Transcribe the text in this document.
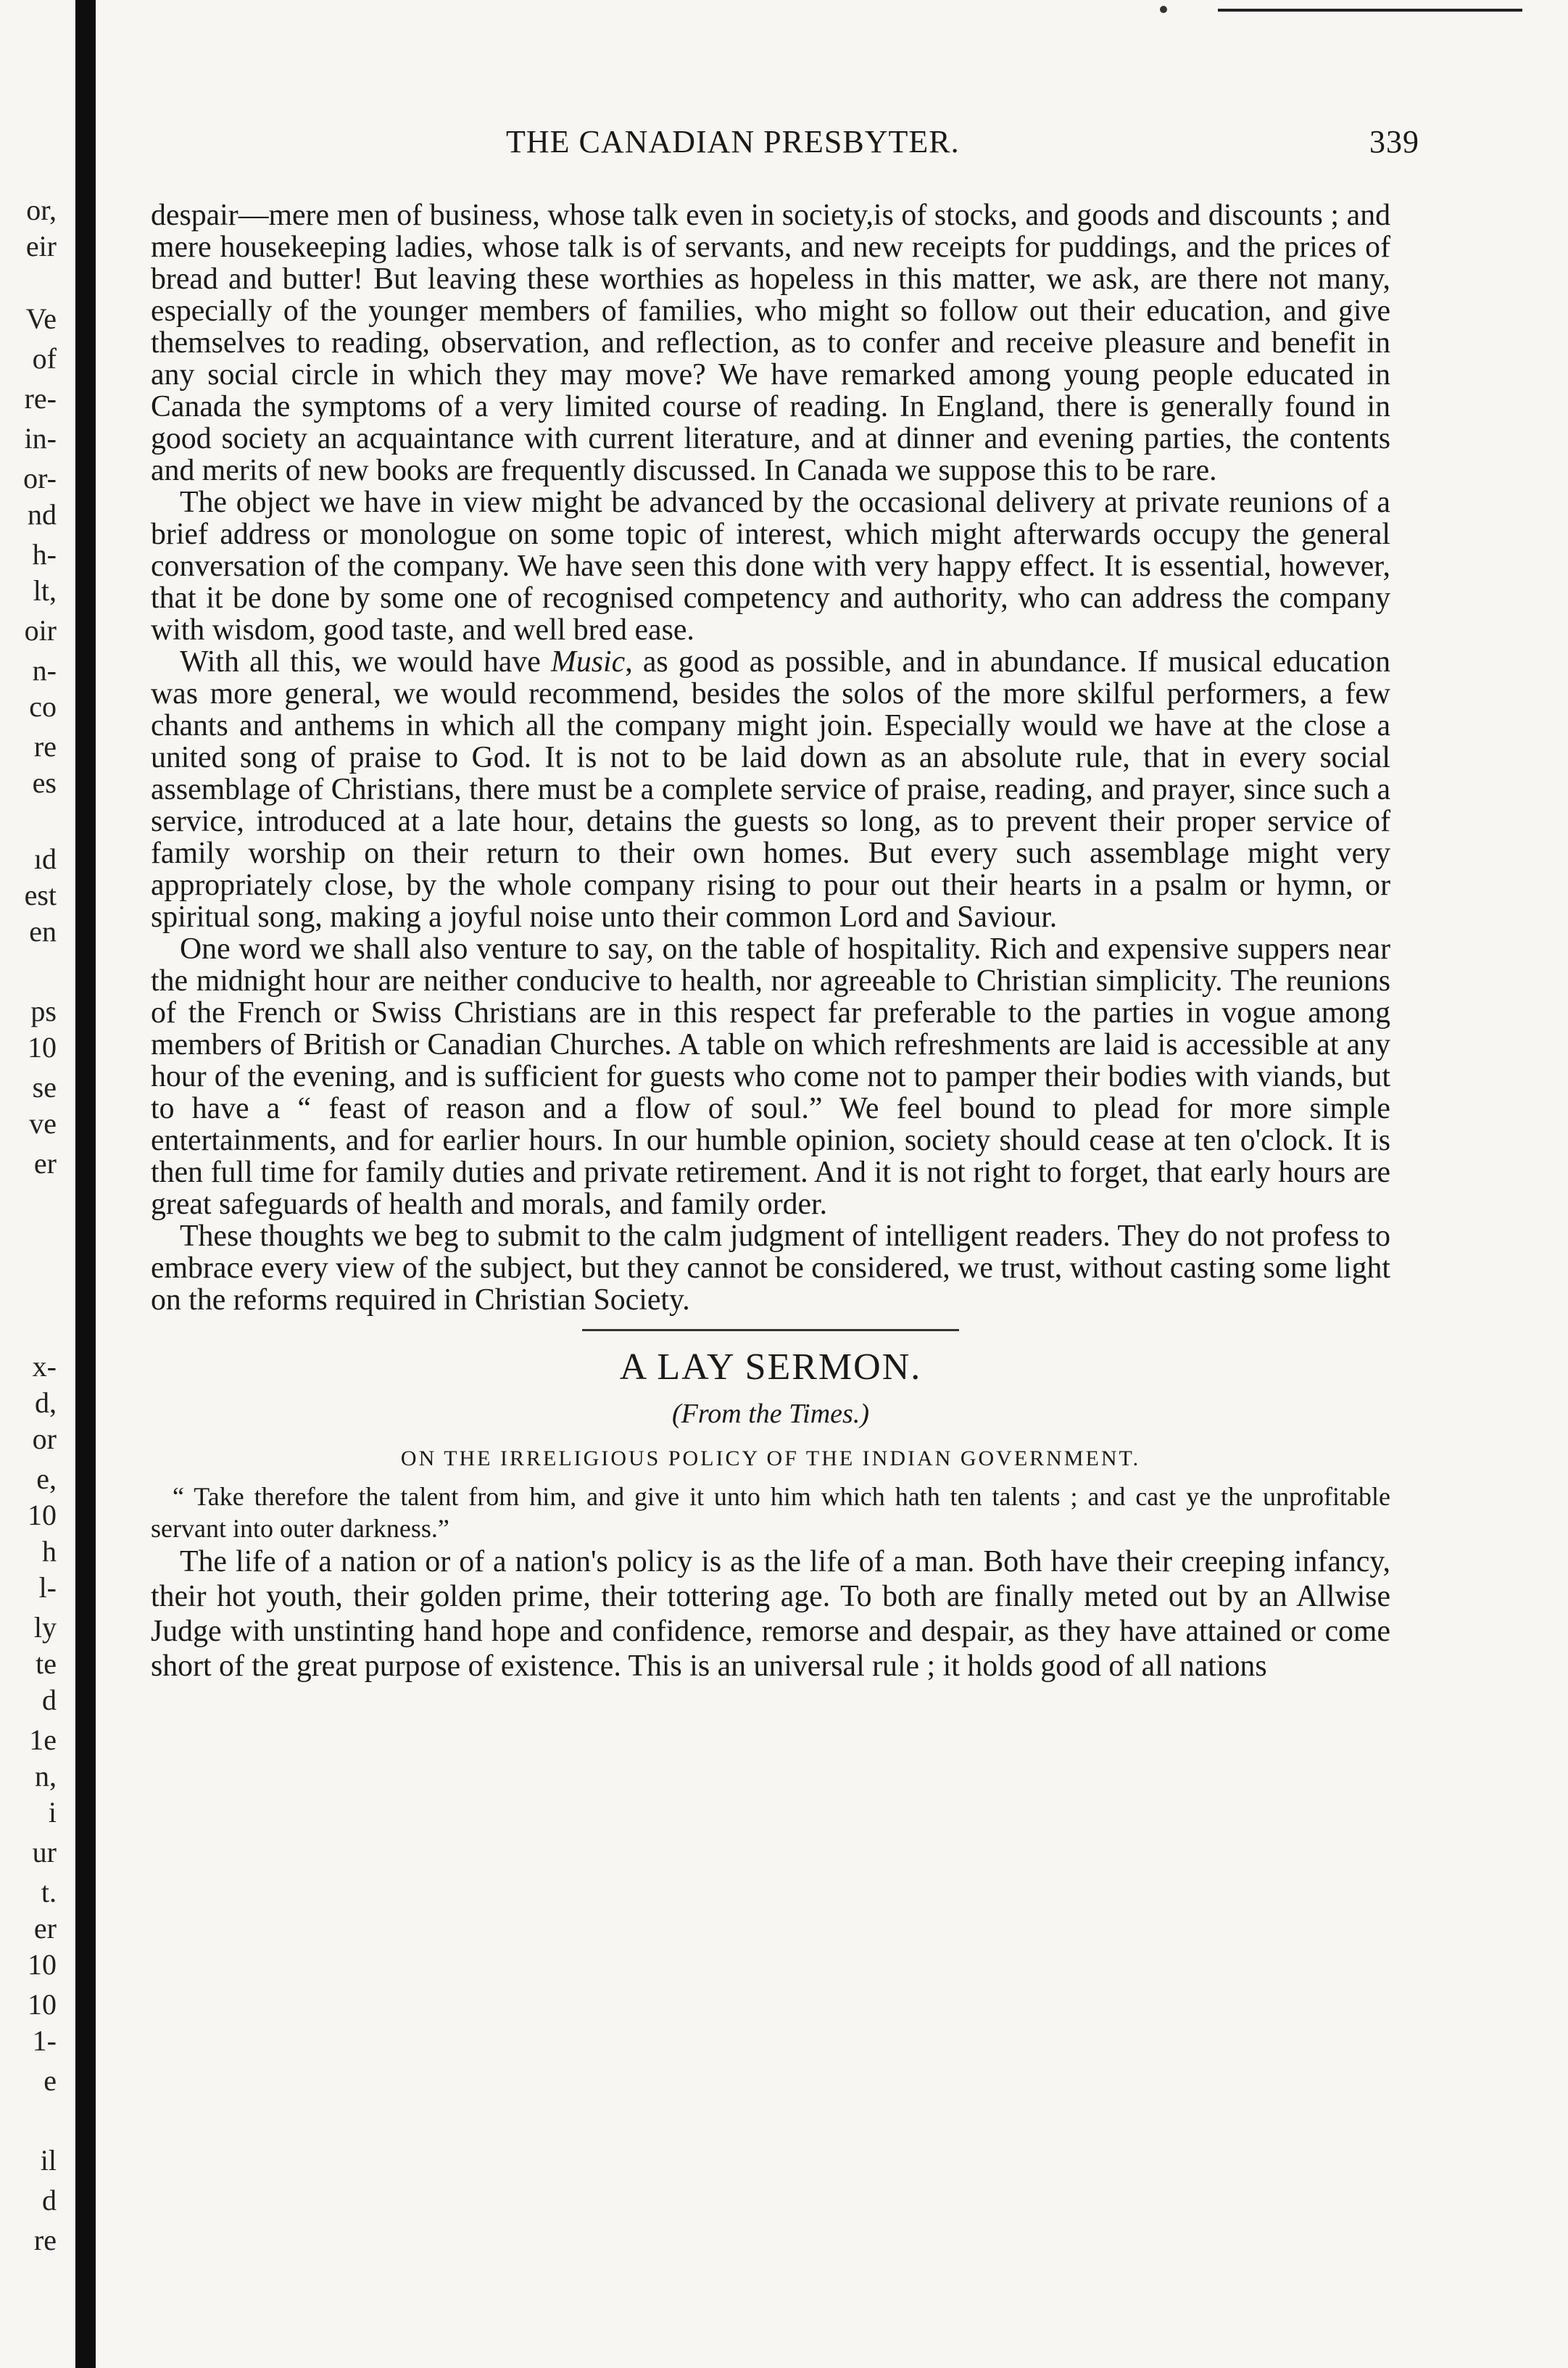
or,
eir
Ve
of
re-
in-
or-
nd
h-
lt,
oir
n-
co
re
es
ıd
est
en
ps
10
se
ve
er
x-
d,
or
e,
10
h
l-
ly
te
d
1e
n,
i
ur
t.
er
10
10
1-
e
il
d
re
THE CANADIAN PRESBYTER.	339

despair—mere men of business, whose talk even in society,is of stocks, and goods and discounts ; and mere housekeeping ladies, whose talk is of servants, and new receipts for puddings, and the prices of bread and butter! But leaving these worthies as hopeless in this matter, we ask, are there not many, especially of the younger members of families, who might so follow out their education, and give themselves to reading, observation, and reflection, as to confer and receive pleasure and benefit in any social circle in which they may move? We have remarked among young people educated in Canada the symptoms of a very limited course of reading. In England, there is generally found in good society an acquaintance with current literature, and at dinner and evening parties, the contents and merits of new books are frequently discussed. In Canada we suppose this to be rare.

The object we have in view might be advanced by the occasional delivery at private reunions of a brief address or monologue on some topic of interest, which might afterwards occupy the general conversation of the company. We have seen this done with very happy effect. It is essential, however, that it be done by some one of recognised competency and authority, who can address the company with wisdom, good taste, and well bred ease.

With all this, we would have Music, as good as possible, and in abundance. If musical education was more general, we would recommend, besides the solos of the more skilful performers, a few chants and anthems in which all the company might join. Especially would we have at the close a united song of praise to God. It is not to be laid down as an absolute rule, that in every social assemblage of Christians, there must be a complete service of praise, reading, and prayer, since such a service, introduced at a late hour, detains the guests so long, as to prevent their proper service of family worship on their return to their own homes. But every such assemblage might very appropriately close, by the whole company rising to pour out their hearts in a psalm or hymn, or spiritual song, making a joyful noise unto their common Lord and Saviour.

One word we shall also venture to say, on the table of hospitality. Rich and expensive suppers near the midnight hour are neither conducive to health, nor agreeable to Christian simplicity. The reunions of the French or Swiss Christians are in this respect far preferable to the parties in vogue among members of British or Canadian Churches. A table on which refreshments are laid is accessible at any hour of the evening, and is sufficient for guests who come not to pamper their bodies with viands, but to have a “ feast of reason and a flow of soul.” We feel bound to plead for more simple entertainments, and for earlier hours. In our humble opinion, society should cease at ten o'clock. It is then full time for family duties and private retirement. And it is not right to forget, that early hours are great safeguards of health and morals, and family order.

These thoughts we beg to submit to the calm judgment of intelligent readers. They do not profess to embrace every view of the subject, but they cannot be considered, we trust, without casting some light on the reforms required in Christian Society.

A LAY SERMON.
(From the Times.)
ON THE IRRELIGIOUS POLICY OF THE INDIAN GOVERNMENT.

“ Take therefore the talent from him, and give it unto him which hath ten talents ; and cast ye the unprofitable servant into outer darkness.”

The life of a nation or of a nation's policy is as the life of a man. Both have their creeping infancy, their hot youth, their golden prime, their tottering age. To both are finally meted out by an Allwise Judge with unstinting hand hope and confidence, remorse and despair, as they have attained or come short of the great purpose of existence. This is an universal rule ; it holds good of all nations
